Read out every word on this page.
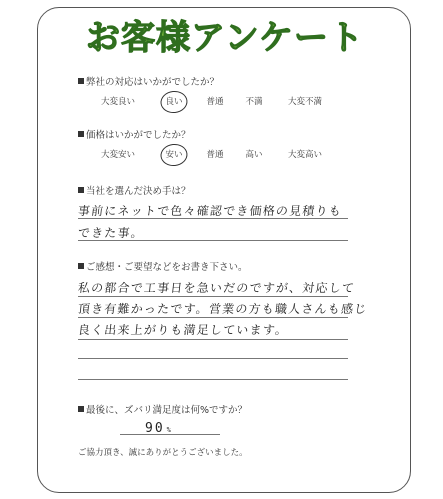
お客様アンケート
弊社の対応はいかがでしたか？
大変良い	良い	普通	不満	大変不満
価格はいかがでしたか？
大変安い	安い	普通	高い	大変高い
当社を選んだ決め手は？
事前にネットで色々確認でき価格の見積りも
できた事。
ご感想・ご要望などをお書き下さい。
私の都合で工事日を急いだのですが、対応して
頂き有難かったです。営業の方も職人さんも感じ
良く出来上がりも満足しています。
最後に、ズバリ満足度は何%ですか？
90 %
ご協力頂き、誠にありがとうございました。
